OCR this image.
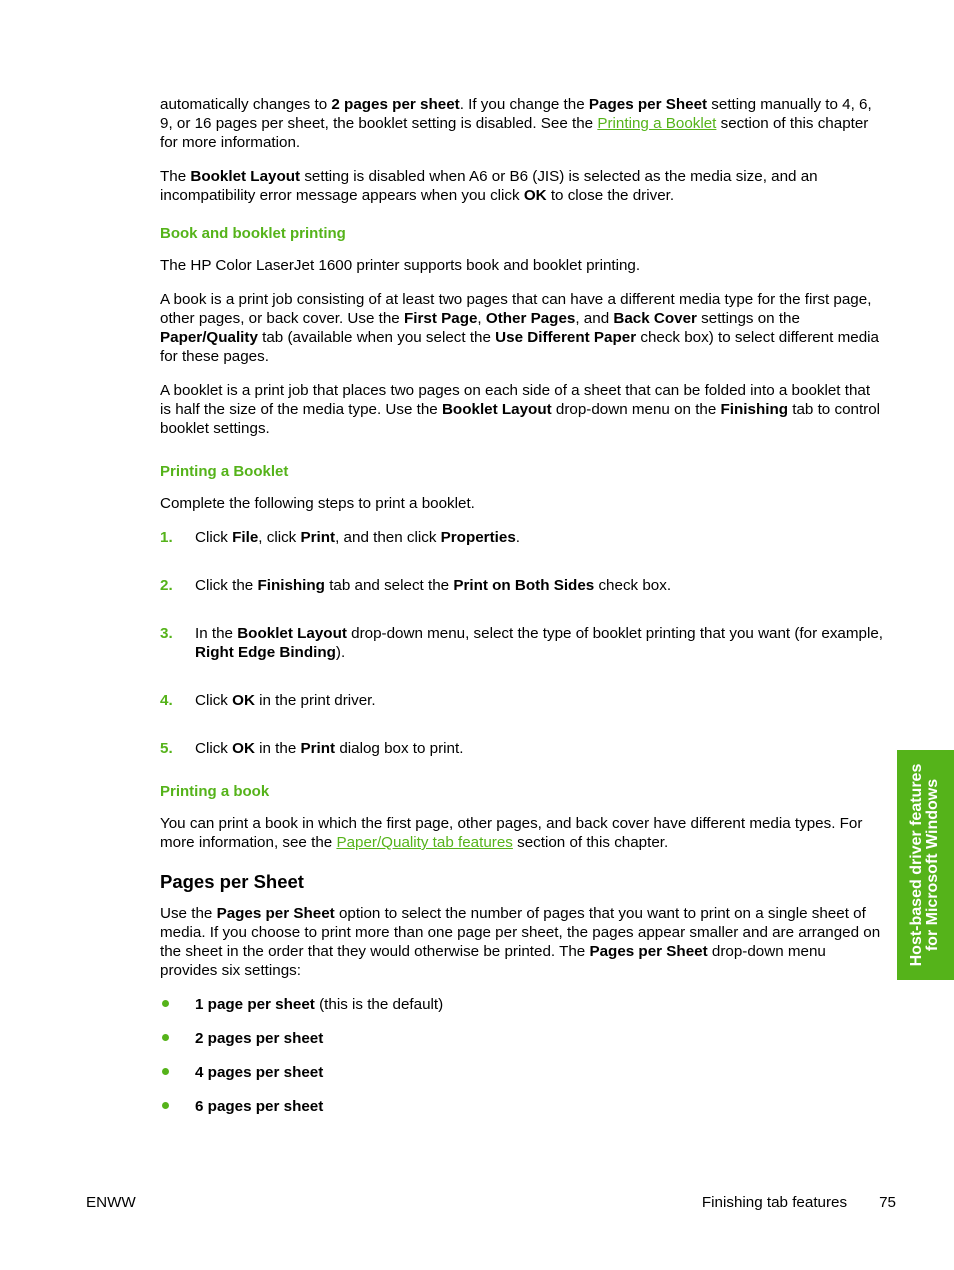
automatically changes to 2 pages per sheet. If you change the Pages per Sheet setting manually to 4, 6, 9, or 16 pages per sheet, the booklet setting is disabled. See the Printing a Booklet section of this chapter for more information.

The Booklet Layout setting is disabled when A6 or B6 (JIS) is selected as the media size, and an incompatibility error message appears when you click OK to close the driver.

Book and booklet printing

The HP Color LaserJet 1600 printer supports book and booklet printing.

A book is a print job consisting of at least two pages that can have a different media type for the first page, other pages, or back cover. Use the First Page, Other Pages, and Back Cover settings on the Paper/Quality tab (available when you select the Use Different Paper check box) to select different media for these pages.

A booklet is a print job that places two pages on each side of a sheet that can be folded into a booklet that is half the size of the media type. Use the Booklet Layout drop-down menu on the Finishing tab to control booklet settings.

Printing a Booklet

Complete the following steps to print a booklet.

1. Click File, click Print, and then click Properties.
2. Click the Finishing tab and select the Print on Both Sides check box.
3. In the Booklet Layout drop-down menu, select the type of booklet printing that you want (for example, Right Edge Binding).
4. Click OK in the print driver.
5. Click OK in the Print dialog box to print.
Printing a book

You can print a book in which the first page, other pages, and back cover have different media types. For more information, see the Paper/Quality tab features section of this chapter.

Pages per Sheet

Use the Pages per Sheet option to select the number of pages that you want to print on a single sheet of media. If you choose to print more than one page per sheet, the pages appear smaller and are arranged on the sheet in the order that they would otherwise be printed. The Pages per Sheet drop-down menu provides six settings:

1 page per sheet (this is the default)
2 pages per sheet
4 pages per sheet
6 pages per sheet
Host-based driver features for Microsoft Windows
ENWW	Finishing tab features 75
